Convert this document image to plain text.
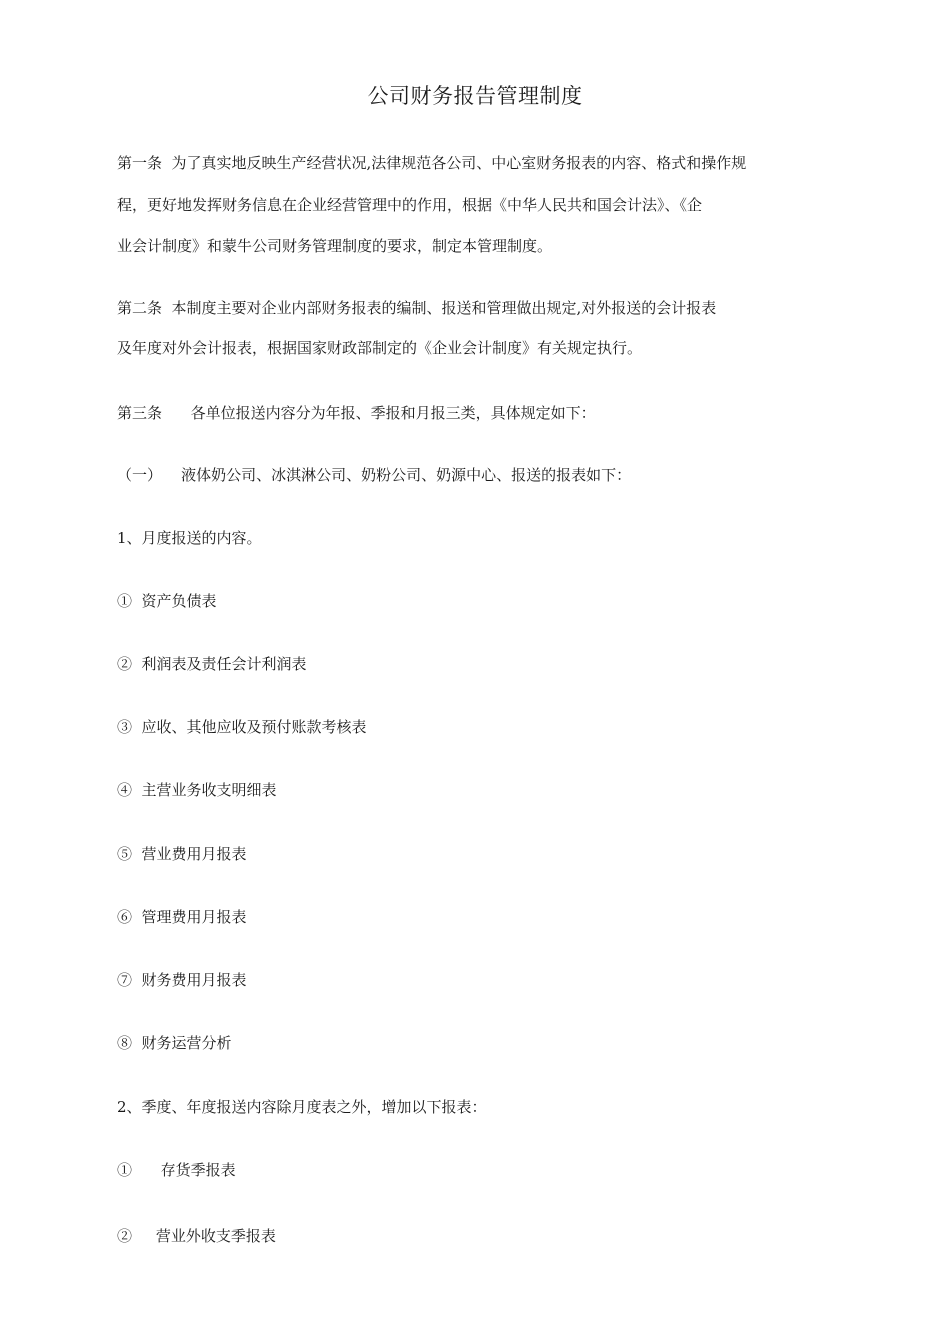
公司财务报告管理制度

第一条  为了真实地反映生产经营状况,法律规范各公司、中心室财务报表的内容、格式和操作规

程，更好地发挥财务信息在企业经营管理中的作用，根据《中华人民共和国会计法》、《企

业会计制度》和蒙牛公司财务管理制度的要求，制定本管理制度。

第二条  本制度主要对企业内部财务报表的编制、报送和管理做出规定,对外报送的会计报表

及年度对外会计报表，根据国家财政部制定的《企业会计制度》有关规定执行。

第三条      各单位报送内容分为年报、季报和月报三类，具体规定如下：
（一）    液体奶公司、冰淇淋公司、奶粉公司、奶源中心、报送的报表如下：
1、月度报送的内容。
①  资产负债表
②  利润表及责任会计利润表
③  应收、其他应收及预付账款考核表
④  主营业务收支明细表
⑤  营业费用月报表
⑥  管理费用月报表
⑦  财务费用月报表
⑧  财务运营分析
2、季度、年度报送内容除月度表之外，增加以下报表：
①      存货季报表
②     营业外收支季报表
